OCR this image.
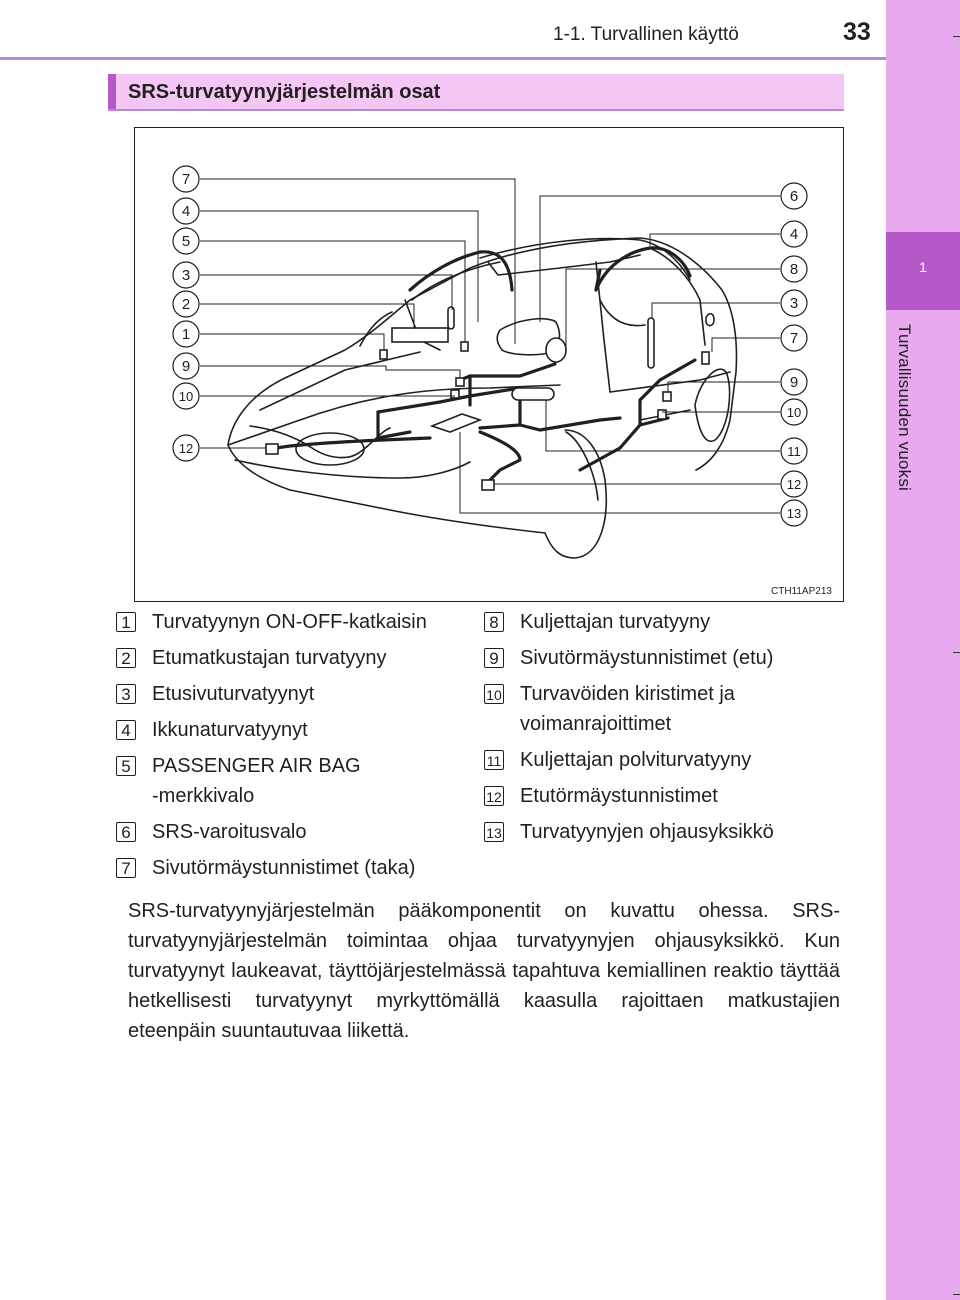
1-1. Turvallinen käyttö	33
1
Turvallisuuden vuoksi
SRS-turvatyynyjärjestelmän osat
7
4
5
3
2
1
9
10
12
6
4
8
3
7
9
10
11
12
13
CTH11AP213
1 Turvatyynyn ON-OFF-katkaisin
2 Etumatkustajan turvatyyny
3 Etusivuturvatyynyt
4 Ikkunaturvatyynyt
5 PASSENGER AIR BAG
-merkkivalo
6 SRS-varoitusvalo
7 Sivutörmäystunnistimet (taka)
8 Kuljettajan turvatyyny
9 Sivutörmäystunnistimet (etu)
10 Turvavöiden kiristimet ja
voimanrajoittimet
11 Kuljettajan polviturvatyyny
12 Etutörmäystunnistimet
13 Turvatyynyjen ohjausyksikkö
SRS-turvatyynyjärjestelmän pääkomponentit on kuvattu ohessa. SRS-turvatyynyjärjestelmän toimintaa ohjaa turvatyynyjen ohjausyksikkö. Kun turvatyynyt laukeavat, täyttöjärjestelmässä tapahtuva kemiallinen reaktio täyttää hetkellisesti turvatyynyt myrkyttömällä kaasulla rajoittaen matkustajien eteenpäin suuntautuvaa liikettä.
